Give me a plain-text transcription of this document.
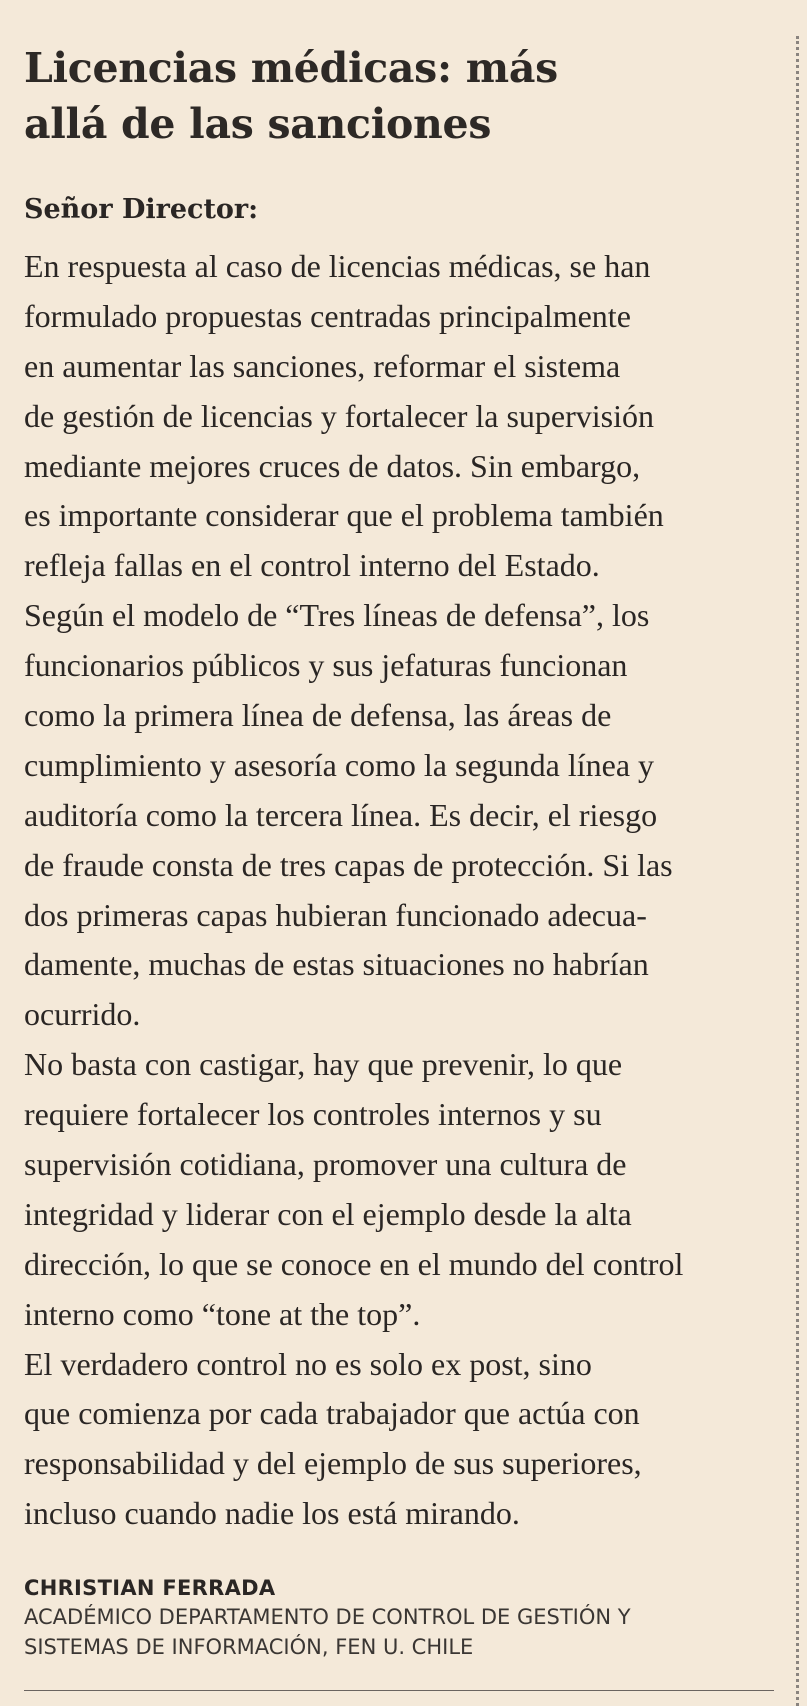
Licencias médicas: más
allá de las sanciones
Señor Director:
En respuesta al caso de licencias médicas, se han
formulado propuestas centradas principalmente
en aumentar las sanciones, reformar el sistema
de gestión de licencias y fortalecer la supervisión
mediante mejores cruces de datos. Sin embargo,
es importante considerar que el problema también
refleja fallas en el control interno del Estado.
Según el modelo de “Tres líneas de defensa”, los
funcionarios públicos y sus jefaturas funcionan
como la primera línea de defensa, las áreas de
cumplimiento y asesoría como la segunda línea y
auditoría como la tercera línea. Es decir, el riesgo
de fraude consta de tres capas de protección. Si las
dos primeras capas hubieran funcionado adecua-
damente, muchas de estas situaciones no habrían
ocurrido.
No basta con castigar, hay que prevenir, lo que
requiere fortalecer los controles internos y su
supervisión cotidiana, promover una cultura de
integridad y liderar con el ejemplo desde la alta
dirección, lo que se conoce en el mundo del control
interno como “tone at the top”.
El verdadero control no es solo ex post, sino
que comienza por cada trabajador que actúa con
responsabilidad y del ejemplo de sus superiores,
incluso cuando nadie los está mirando.
CHRISTIAN FERRADA
ACADÉMICO DEPARTAMENTO DE CONTROL DE GESTIÓN Y
SISTEMAS DE INFORMACIÓN, FEN U. CHILE
